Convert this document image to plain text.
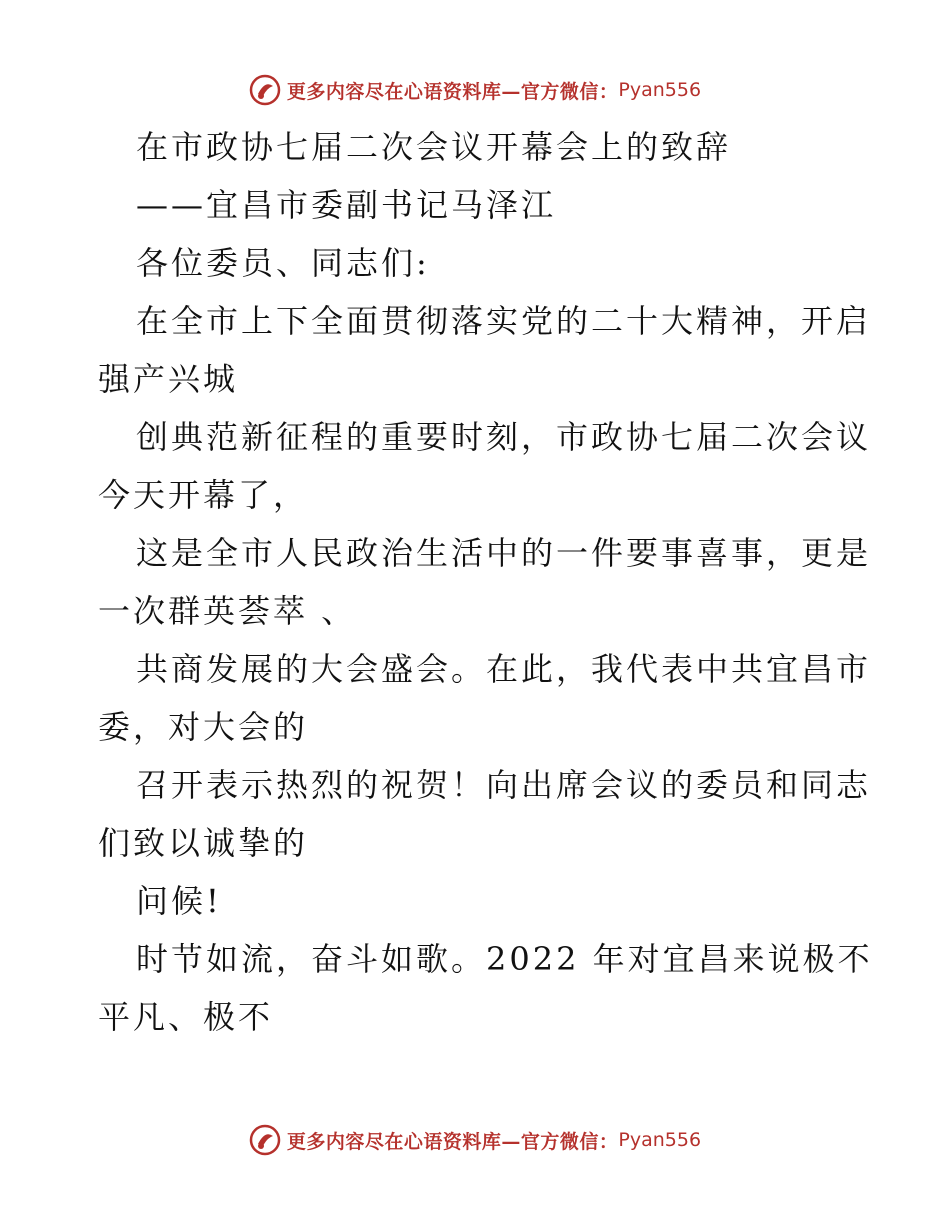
更多内容尽在心语资料库—官方微信： Pyan556
在市政协七届二次会议开幕会上的致辞
——宜昌市委副书记马泽江
各位委员、同志们:
在全市上下全面贯彻落实党的二十大精神，开启
强产兴城
创典范新征程的重要时刻，市政协七届二次会议
今天开幕了，
这是全市人民政治生活中的一件要事喜事，更是
一次群英荟萃 、
共商发展的大会盛会。在此，我代表中共宜昌市
委，对大会的
召开表示热烈的祝贺！向出席会议的委员和同志
们致以诚挚的
问候!
时节如流，奋斗如歌。2022 年对宜昌来说极不
平凡、极不
更多内容尽在心语资料库—官方微信： Pyan556
